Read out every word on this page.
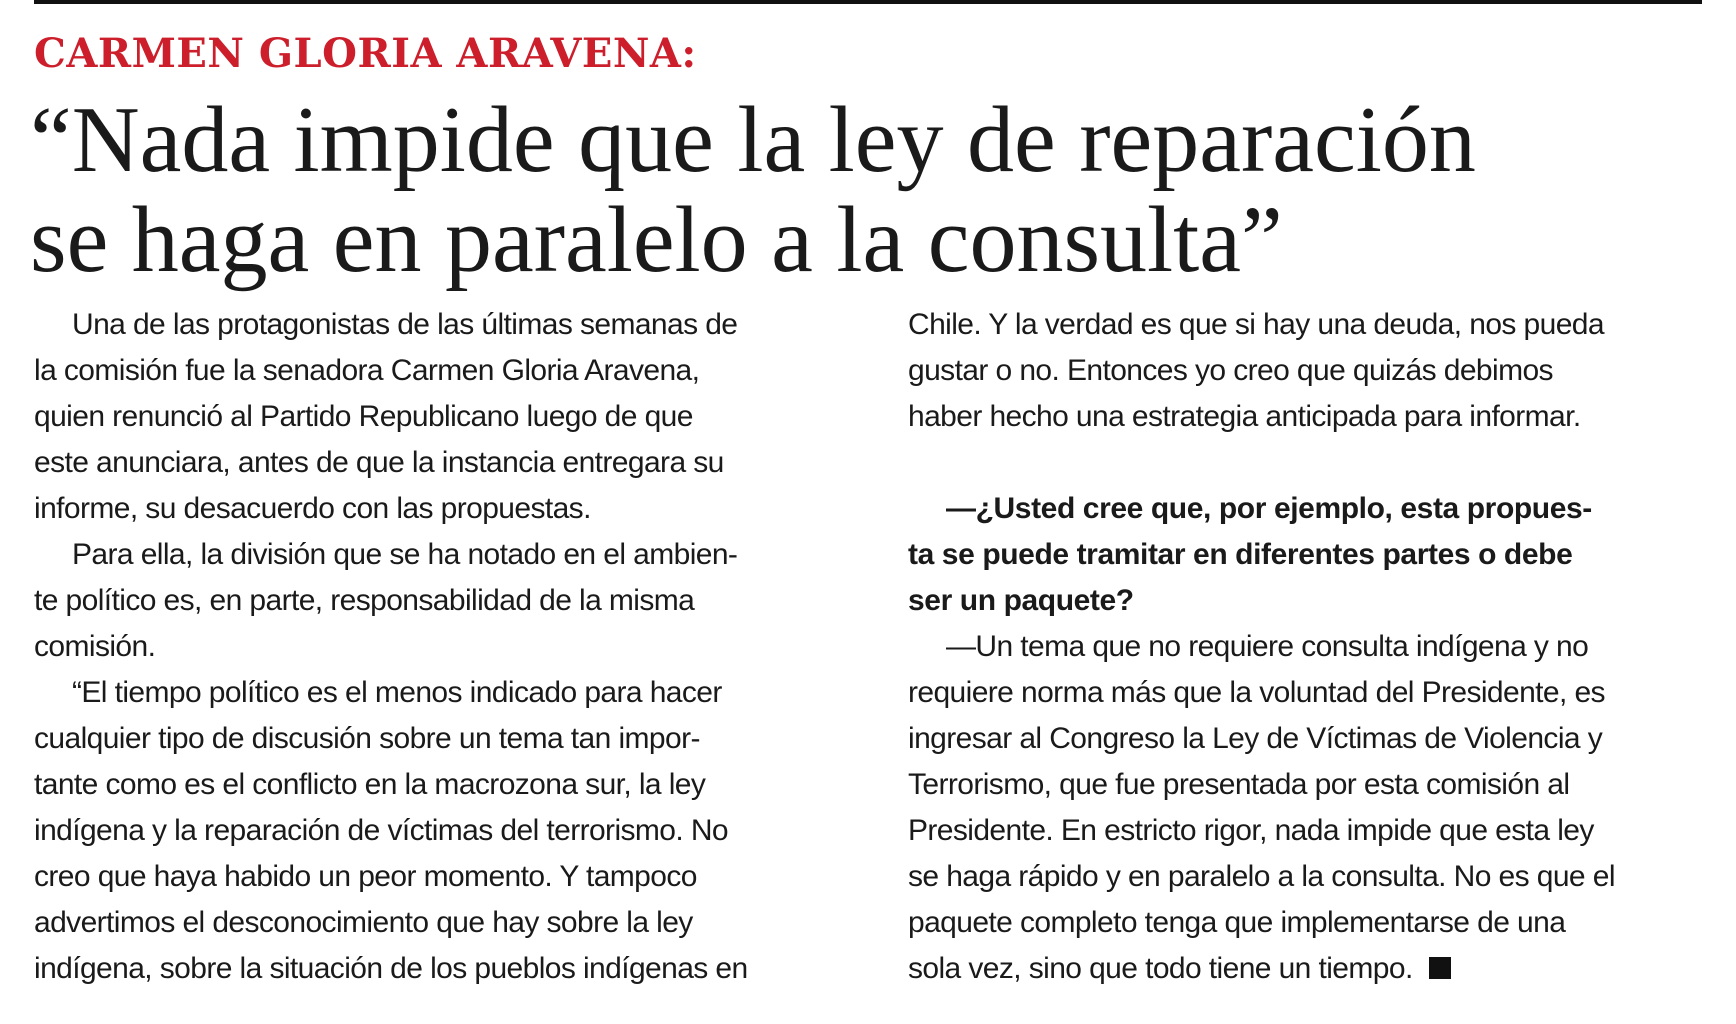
CARMEN GLORIA ARAVENA:
“Nada impide que la ley de reparación
se haga en paralelo a la consulta”
Una de las protagonistas de las últimas semanas de
la comisión fue la senadora Carmen Gloria Aravena,
quien renunció al Partido Republicano luego de que
este anunciara, antes de que la instancia entregara su
informe, su desacuerdo con las propuestas.
Para ella, la división que se ha notado en el ambien-
te político es, en parte, responsabilidad de la misma
comisión.
“El tiempo político es el menos indicado para hacer
cualquier tipo de discusión sobre un tema tan impor-
tante como es el conflicto en la macrozona sur, la ley
indígena y la reparación de víctimas del terrorismo. No
creo que haya habido un peor momento. Y tampoco
advertimos el desconocimiento que hay sobre la ley
indígena, sobre la situación de los pueblos indígenas en
Chile. Y la verdad es que si hay una deuda, nos pueda
gustar o no. Entonces yo creo que quizás debimos
haber hecho una estrategia anticipada para informar.
—¿Usted cree que, por ejemplo, esta propues-
ta se puede tramitar en diferentes partes o debe
ser un paquete?
—Un tema que no requiere consulta indígena y no
requiere norma más que la voluntad del Presidente, es
ingresar al Congreso la Ley de Víctimas de Violencia y
Terrorismo, que fue presentada por esta comisión al
Presidente. En estricto rigor, nada impide que esta ley
se haga rápido y en paralelo a la consulta. No es que el
paquete completo tenga que implementarse de una
sola vez, sino que todo tiene un tiempo.
